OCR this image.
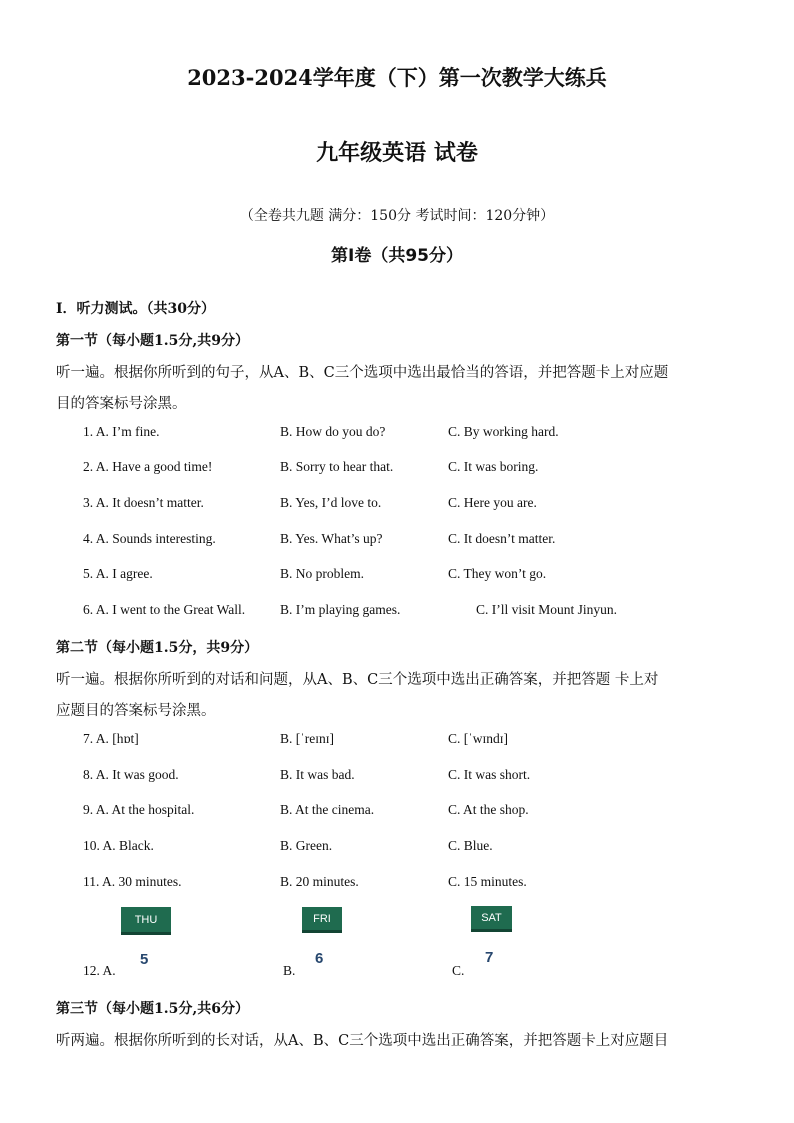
2023-2024学年度（下）第一次教学大练兵
九年级英语 试卷
（全卷共九题 满分：150分 考试时间：120分钟）
第Ⅰ卷（共95分）
I．听力测试。（共30分）
第一节（每小题1.5分,共9分）
听一遍。根据你所听到的句子，从A、B、C三个选项中选出最恰当的答语，并把答题卡上对应题
目的答案标号涂黑。
1. A. I’m fine.	B. How do you do?	C. By working hard.
2. A. Have a good time!	B. Sorry to hear that.	C. It was boring.
3. A. It doesn’t matter.	B. Yes, I’d love to.	C. Here you are.
4. A. Sounds interesting.	B. Yes. What’s up?	C. It doesn’t matter.
5. A. I agree.	B. No problem.	C. They won’t go.
6. A. I went to the Great Wall.	B. I’m playing games.	C. I’ll visit Mount Jinyun.
第二节（每小题1.5分，共9分）
听一遍。根据你所听到的对话和问题，从A、B、C三个选项中选出正确答案，并把答题 卡上对
应题目的答案标号涂黑。
7. A. [hɒt]	B. [ˈreɪnɪ]	C. [ˈwɪndɪ]
8. A. It was good.	B. It was bad.	C. It was short.
9. A. At the hospital.	B. At the cinema.	C. At the shop.
10. A. Black.	B. Green.	C. Blue.
11. A. 30 minutes.	B. 20 minutes.	C. 15 minutes.
THU
5
FRI
6
SAT
7
12. A.	B.	C.
第三节（每小题1.5分,共6分）
听两遍。根据你所听到的长对话，从A、B、C三个选项中选出正确答案，并把答题卡上对应题目
